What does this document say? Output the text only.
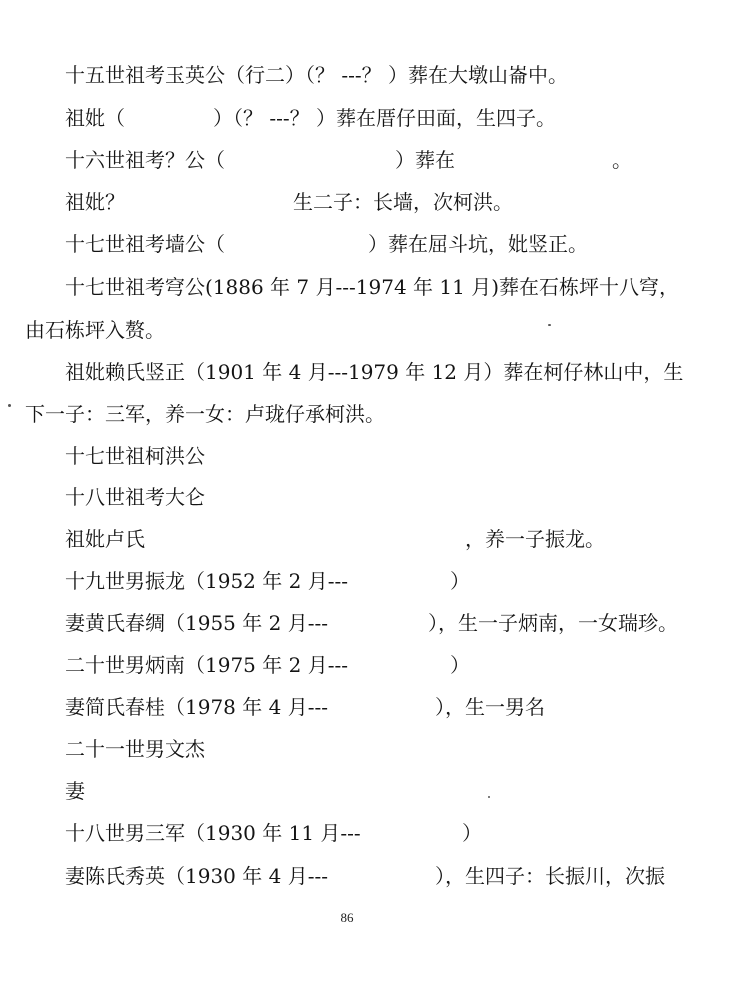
十五世祖考玉英公（行二）（？ ---？ ）葬在大墩山崙中。
祖妣（	）（？ ---？ ）葬在厝仔田面，生四子。
十六世祖考？公（	）葬在	。
祖妣？	生二子：长墙，次柯洪。
十七世祖考墙公（	）葬在屈斗坑，妣竖正。
十七世祖考穹公(1886 年 7 月---1974 年 11 月)葬在石栋坪十八穹，
由石栋坪入赘。
祖妣赖氏竖正（1901 年 4 月---1979 年 12 月）葬在柯仔林山中，生
下一子：三军，养一女：卢珑仔承柯洪。
十七世祖柯洪公
十八世祖考大仑
祖妣卢氏	，养一子振龙。
十九世男振龙（1952 年 2 月---	）
妻黄氏春绸（1955 年 2 月---	），生一子炳南，一女瑞珍。
二十世男炳南（1975 年 2 月---	）
妻简氏春桂（1978 年 4 月---	），生一男名
二十一世男文杰
妻
十八世男三军（1930 年 11 月---	）
妻陈氏秀英（1930 年 4 月---	），生四子：长振川，次振
86
